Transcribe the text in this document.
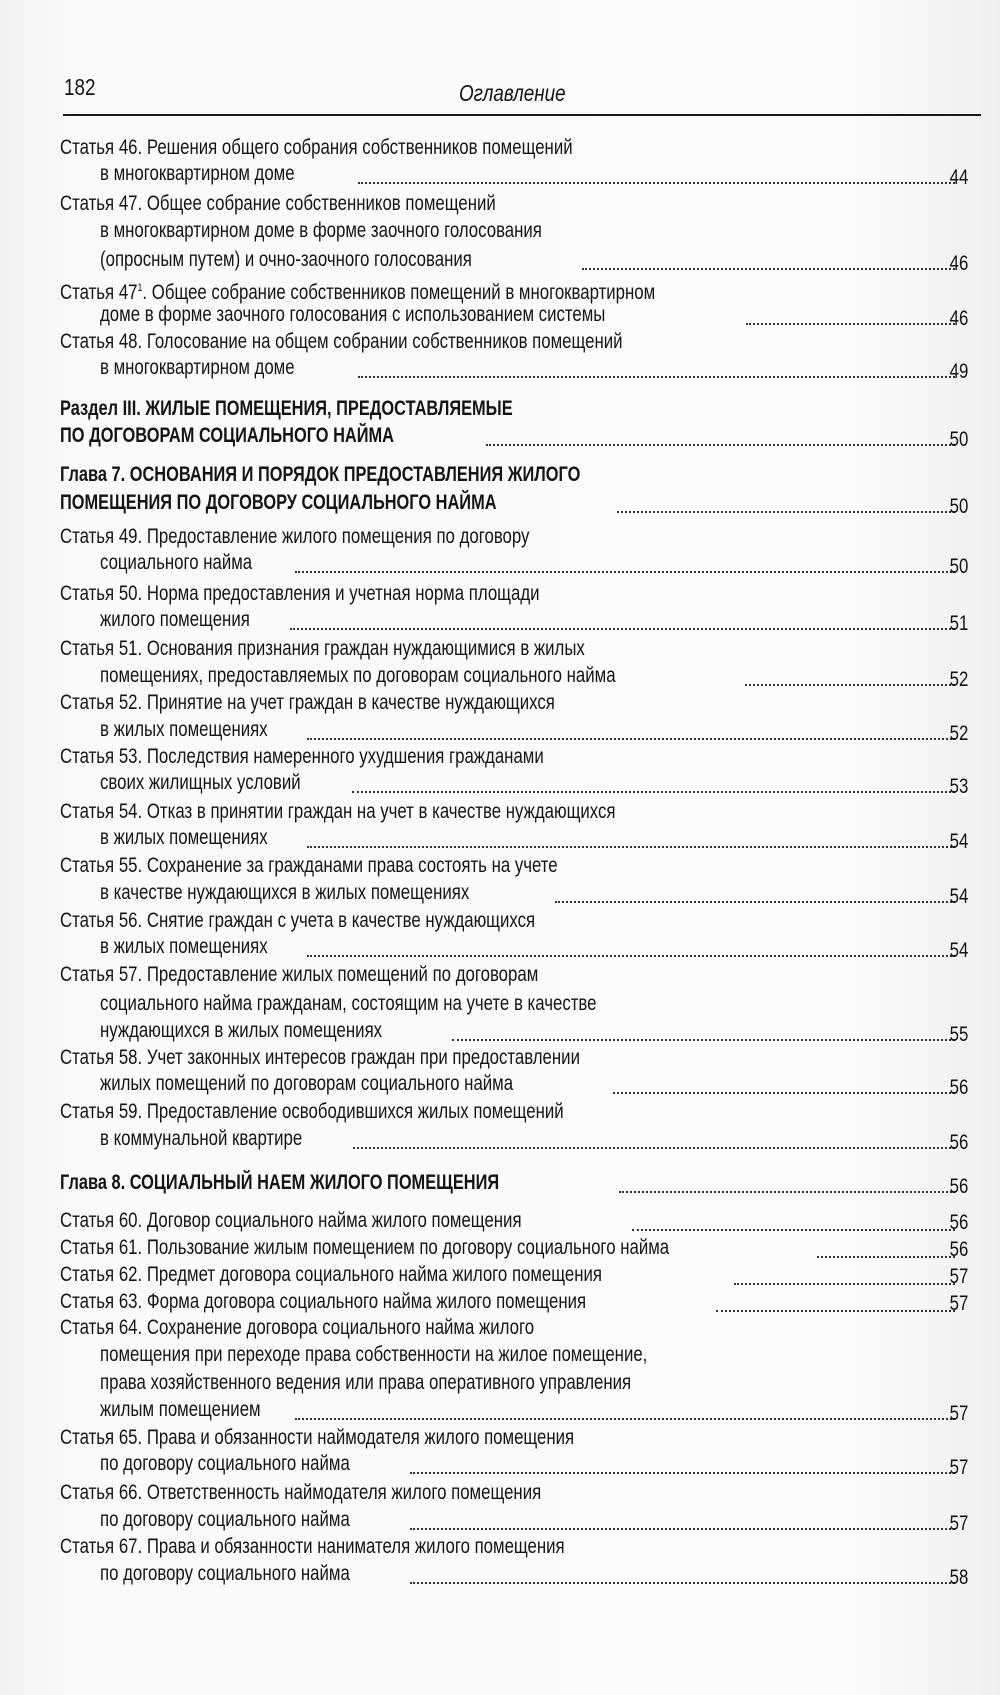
182	Оглавление
Статья 46. Решения общего собрания собственников помещений
в многоквартирном доме	44
Статья 47. Общее собрание собственников помещений
в многоквартирном доме в форме заочного голосования
(опросным путем) и очно-заочного голосования	46
Статья $47^1$. Общее собрание собственников помещений в многоквартирном
доме в форме заочного голосования с использованием системы	46
Статья 48. Голосование на общем собрании собственников помещений
в многоквартирном доме	49
Раздел III. ЖИЛЫЕ ПОМЕЩЕНИЯ, ПРЕДОСТАВЛЯЕМЫЕ
ПО ДОГОВОРАМ СОЦИАЛЬНОГО НАЙМА	50
Глава 7. ОСНОВАНИЯ И ПОРЯДОК ПРЕДОСТАВЛЕНИЯ ЖИЛОГО
ПОМЕЩЕНИЯ ПО ДОГОВОРУ СОЦИАЛЬНОГО НАЙМА	50
Статья 49. Предоставление жилого помещения по договору
социального найма	50
Статья 50. Норма предоставления и учетная норма площади
жилого помещения	51
Статья 51. Основания признания граждан нуждающимися в жилых
помещениях, предоставляемых по договорам социального найма	52
Статья 52. Принятие на учет граждан в качестве нуждающихся
в жилых помещениях	52
Статья 53. Последствия намеренного ухудшения гражданами
своих жилищных условий	53
Статья 54. Отказ в принятии граждан на учет в качестве нуждающихся
в жилых помещениях	54
Статья 55. Сохранение за гражданами права состоять на учете
в качестве нуждающихся в жилых помещениях	54
Статья 56. Снятие граждан с учета в качестве нуждающихся
в жилых помещениях	54
Статья 57. Предоставление жилых помещений по договорам
социального найма гражданам, состоящим на учете в качестве
нуждающихся в жилых помещениях	55
Статья 58. Учет законных интересов граждан при предоставлении
жилых помещений по договорам социального найма	56
Статья 59. Предоставление освободившихся жилых помещений
в коммунальной квартире	56
Глава 8. СОЦИАЛЬНЫЙ НАЕМ ЖИЛОГО ПОМЕЩЕНИЯ	56
Статья 60. Договор социального найма жилого помещения	56
Статья 61. Пользование жилым помещением по договору социального найма	56
Статья 62. Предмет договора социального найма жилого помещения	57
Статья 63. Форма договора социального найма жилого помещения	57
Статья 64. Сохранение договора социального найма жилого
помещения при переходе права собственности на жилое помещение,
права хозяйственного ведения или права оперативного управления
жилым помещением	57
Статья 65. Права и обязанности наймодателя жилого помещения
по договору социального найма	57
Статья 66. Ответственность наймодателя жилого помещения
по договору социального найма	57
Статья 67. Права и обязанности нанимателя жилого помещения
по договору социального найма	58
